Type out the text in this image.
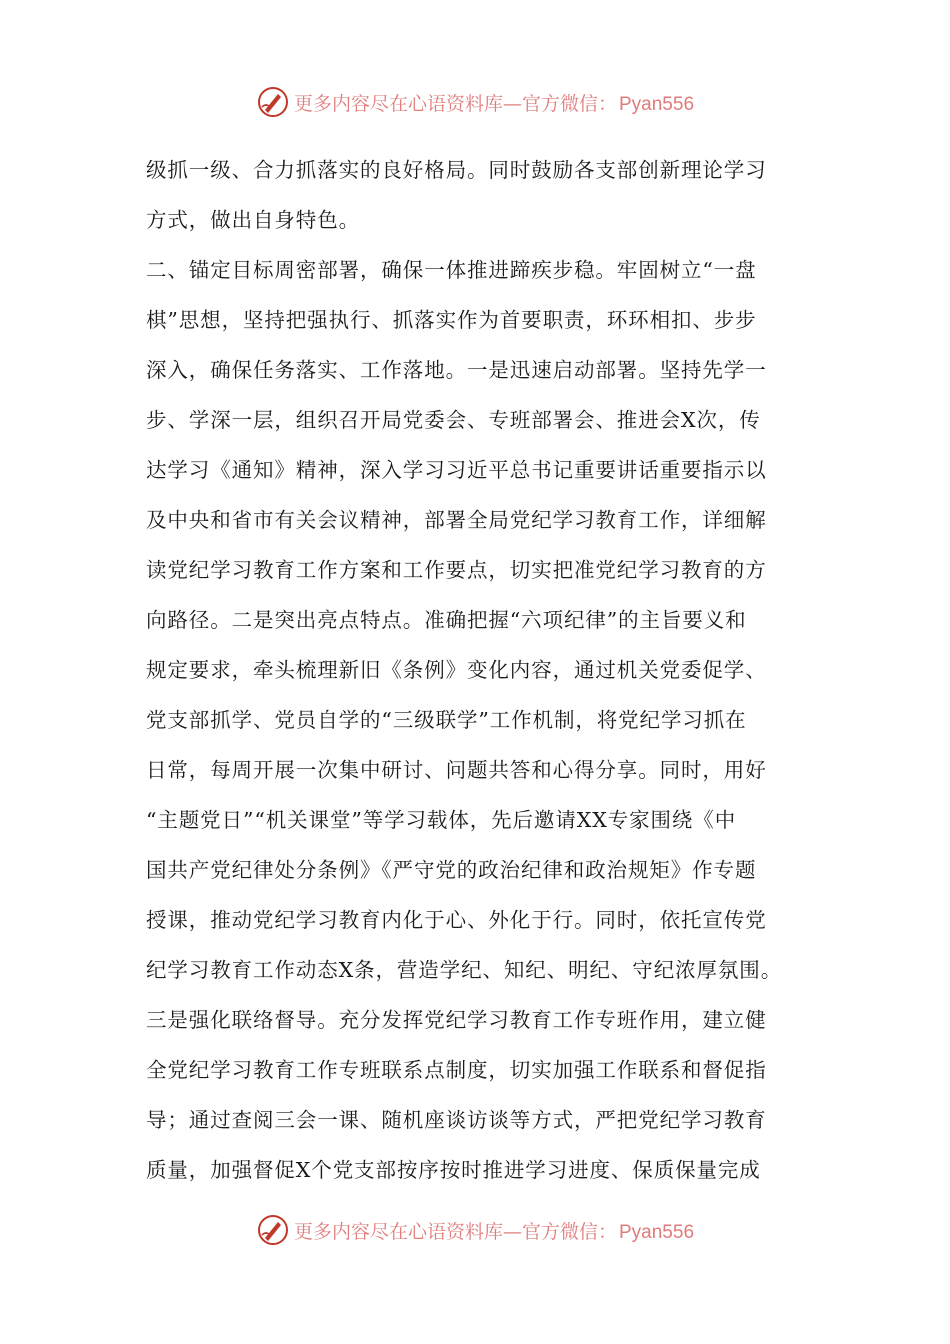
更多内容尽在心语资料库—官方微信： Pyan556
级抓一级、合力抓落实的良好格局。同时鼓励各支部创新理论学习
方式，做出自身特色。
二、锚定目标周密部署，确保一体推进蹄疾步稳。牢固树立“一盘
棋”思想，坚持把强执行、抓落实作为首要职责，环环相扣、步步
深入，确保任务落实、工作落地。一是迅速启动部署。坚持先学一
步、学深一层，组织召开局党委会、专班部署会、推进会X次，传
达学习《通知》精神，深入学习习近平总书记重要讲话重要指示以
及中央和省市有关会议精神，部署全局党纪学习教育工作，详细解
读党纪学习教育工作方案和工作要点，切实把准党纪学习教育的方
向路径。二是突出亮点特点。准确把握“六项纪律”的主旨要义和
规定要求，牵头梳理新旧《条例》变化内容，通过机关党委促学、
党支部抓学、党员自学的“三级联学”工作机制，将党纪学习抓在
日常，每周开展一次集中研讨、问题共答和心得分享。同时，用好
“主题党日”“机关课堂”等学习载体，先后邀请XX专家围绕《中
国共产党纪律处分条例》《严守党的政治纪律和政治规矩》作专题
授课，推动党纪学习教育内化于心、外化于行。同时，依托宣传党
纪学习教育工作动态X条，营造学纪、知纪、明纪、守纪浓厚氛围。
三是强化联络督导。充分发挥党纪学习教育工作专班作用，建立健
全党纪学习教育工作专班联系点制度，切实加强工作联系和督促指
导；通过查阅三会一课、随机座谈访谈等方式，严把党纪学习教育
质量，加强督促X个党支部按序按时推进学习进度、保质保量完成
更多内容尽在心语资料库—官方微信： Pyan556
